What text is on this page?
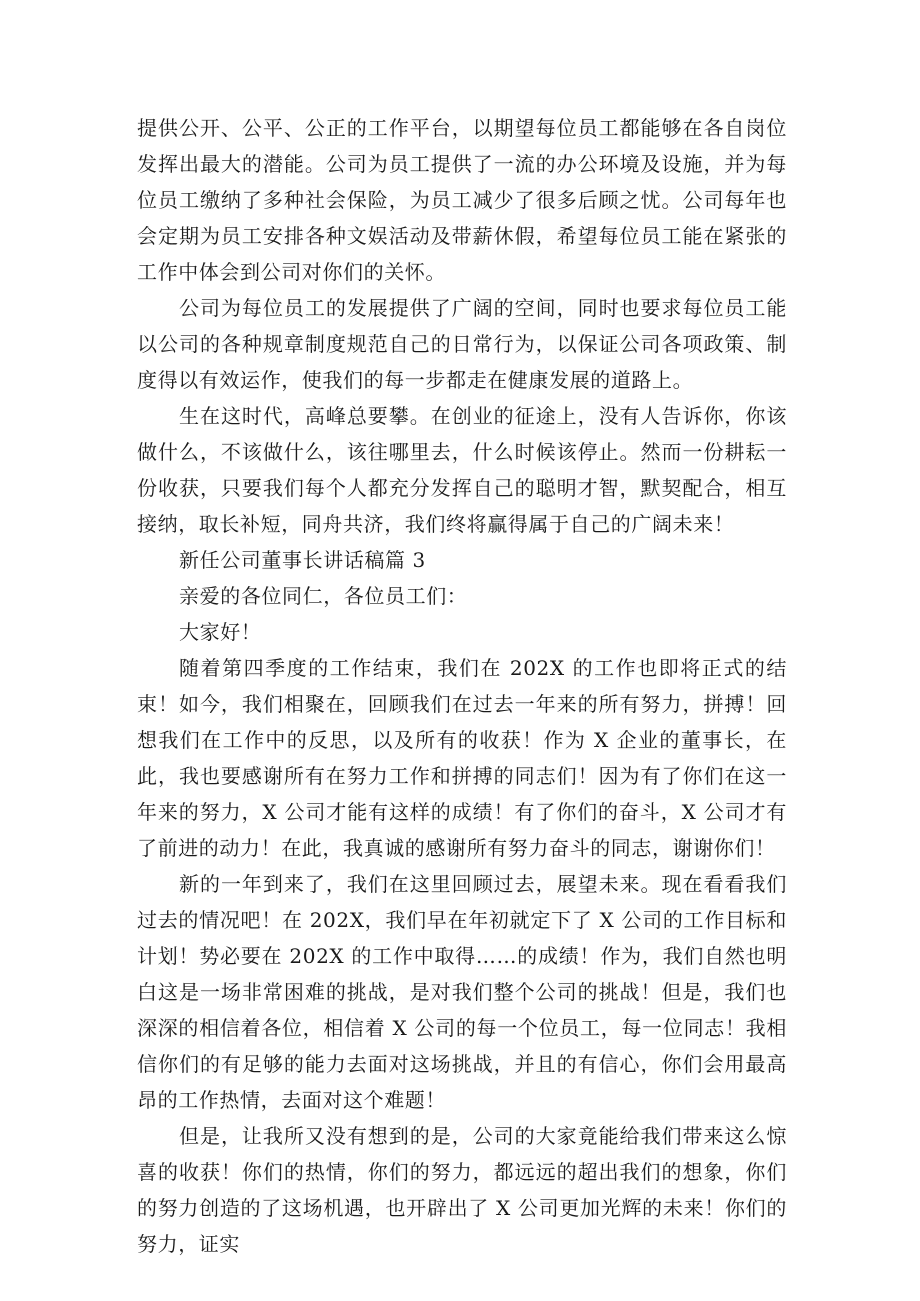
提供公开、公平、公正的工作平台，以期望每位员工都能够在各自岗位发挥出最大的潜能。公司为员工提供了一流的办公环境及设施，并为每位员工缴纳了多种社会保险，为员工减少了很多后顾之忧。公司每年也会定期为员工安排各种文娱活动及带薪休假，希望每位员工能在紧张的工作中体会到公司对你们的关怀。

公司为每位员工的发展提供了广阔的空间，同时也要求每位员工能以公司的各种规章制度规范自己的日常行为，以保证公司各项政策、制度得以有效运作，使我们的每一步都走在健康发展的道路上。

生在这时代，高峰总要攀。在创业的征途上，没有人告诉你，你该做什么，不该做什么，该往哪里去，什么时候该停止。然而一份耕耘一份收获，只要我们每个人都充分发挥自己的聪明才智，默契配合，相互接纳，取长补短，同舟共济，我们终将赢得属于自己的广阔未来！

新任公司董事长讲话稿篇 3

亲爱的各位同仁，各位员工们：

大家好！

随着第四季度的工作结束，我们在 202X 的工作也即将正式的结束！如今，我们相聚在，回顾我们在过去一年来的所有努力，拼搏！回想我们在工作中的反思，以及所有的收获！作为 X 企业的董事长，在此，我也要感谢所有在努力工作和拼搏的同志们！因为有了你们在这一年来的努力，X 公司才能有这样的成绩！有了你们的奋斗，X 公司才有了前进的动力！在此，我真诚的感谢所有努力奋斗的同志，谢谢你们！

新的一年到来了，我们在这里回顾过去，展望未来。现在看看我们过去的情况吧！在 202X，我们早在年初就定下了 X 公司的工作目标和计划！势必要在 202X 的工作中取得……的成绩！作为，我们自然也明白这是一场非常困难的挑战，是对我们整个公司的挑战！但是，我们也深深的相信着各位，相信着 X 公司的每一个位员工，每一位同志！我相信你们的有足够的能力去面对这场挑战，并且的有信心，你们会用最高昂的工作热情，去面对这个难题！

但是，让我所又没有想到的是，公司的大家竟能给我们带来这么惊喜的收获！你们的热情，你们的努力，都远远的超出我们的想象，你们的努力创造的了这场机遇，也开辟出了 X 公司更加光辉的未来！你们的努力，证实
